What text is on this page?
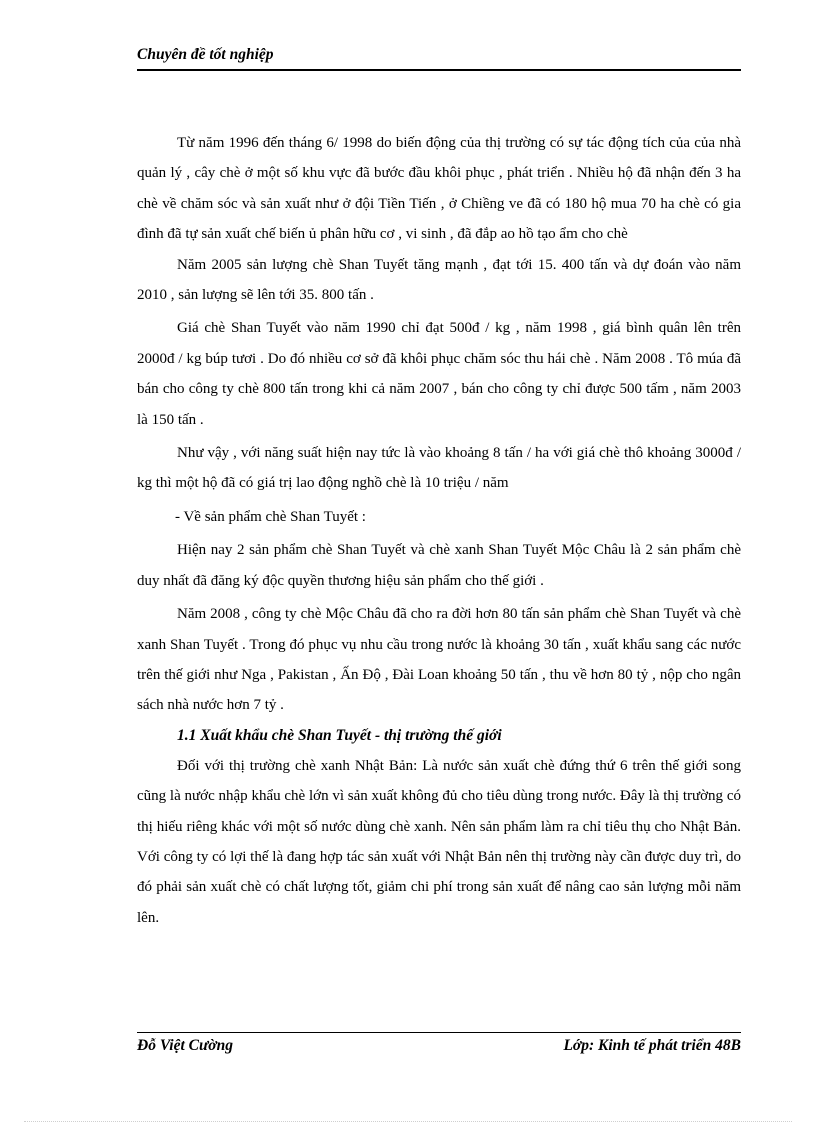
Chuyên đề tốt nghiệp

Từ năm 1996 đến tháng 6/ 1998 do biến động của thị trường có sự tác động tích của của nhà quản lý , cây chè ở một số khu vực đã bước đầu khôi phục , phát triển . Nhiều hộ đã nhận đến 3 ha chè về chăm sóc và sản xuất như ở đội Tiền Tiến , ở Chiềng ve đã có 180 hộ mua 70 ha chè có gia đình đã tự sản xuất chế biến ủ phân hữu cơ , vi sinh , đã đắp ao hồ tạo ẩm cho chè

Năm 2005 sản lượng chè Shan Tuyết tăng mạnh , đạt tới 15. 400 tấn và dự đoán vào năm 2010 , sản lượng sẽ lên tới 35. 800 tấn .

Giá chè Shan Tuyết vào năm 1990 chỉ đạt 500đ / kg , năm 1998 , giá bình quân lên trên 2000đ / kg búp tươi . Do đó nhiều cơ sở đã khôi phục chăm sóc thu hái chè . Năm 2008 . Tô múa đã bán cho công ty chè 800 tấn trong khi cả năm 2007 , bán cho công ty chỉ được 500 tấm , năm 2003 là 150 tấn .

Như vậy , với năng suất hiện nay tức là vào khoảng 8 tấn / ha với giá chè thô khoảng 3000đ / kg thì một hộ đã có giá trị lao động nghồ chè là 10 triệu / năm

- Về sản phẩm chè Shan Tuyết :

Hiện nay 2 sản phẩm chè Shan Tuyết và chè xanh Shan Tuyết Mộc Châu là 2 sản phẩm chè duy nhất đã đăng ký độc quyền thương hiệu sản phẩm cho thế giới .

Năm 2008 , công ty chè Mộc Châu đã cho ra đời hơn 80 tấn sản phẩm chè Shan Tuyết và chè xanh Shan Tuyết . Trong đó phục vụ nhu cầu trong nước là khoảng 30 tấn , xuất khẩu sang các nước trên thế giới như Nga , Pakistan , Ấn Độ , Đài Loan khoảng 50 tấn , thu về hơn 80 tỷ , nộp cho ngân sách nhà nước hơn 7 tỷ .

1.1 Xuất khẩu chè Shan Tuyết - thị trường thế giới

Đối với thị trường chè xanh Nhật Bản: Là nước sản xuất chè đứng thứ 6 trên thế giới song cũng là nước nhập khẩu chè lớn vì sản xuất không đủ cho tiêu dùng trong nước. Đây là thị trường có thị hiếu riêng khác với một số nước dùng chè xanh. Nên sản phẩm làm ra chỉ tiêu thụ cho Nhật Bản. Với công ty có lợi thế là đang hợp tác sản xuất với Nhật Bản nên thị trường này cần được duy trì, do đó phải sản xuất chè có chất lượng tốt, giảm chi phí trong sản xuất để nâng cao sản lượng mỗi năm lên.

Đỗ Việt Cường	Lớp: Kinh tế phát triển 48B
